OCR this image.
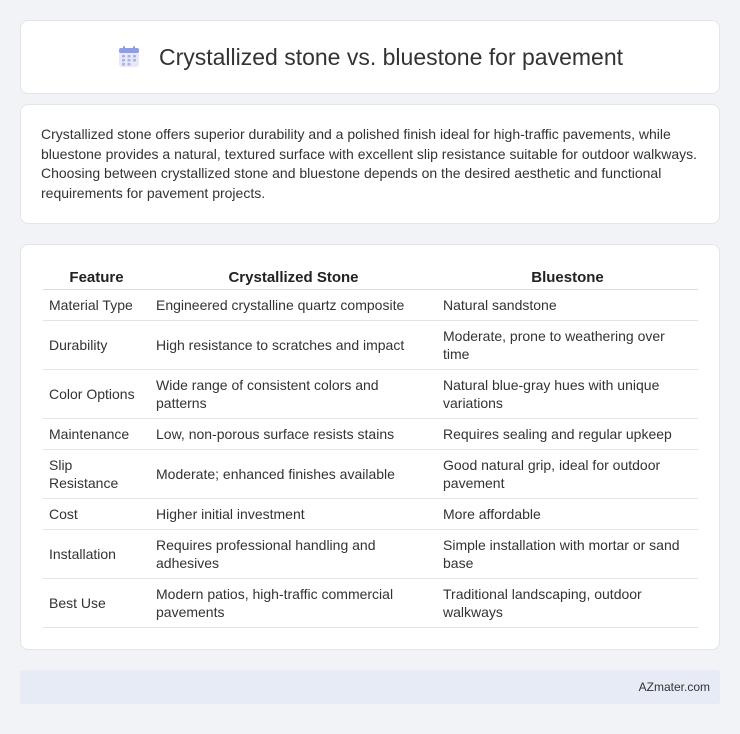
Crystallized stone vs. bluestone for pavement

Crystallized stone offers superior durability and a polished finish ideal for high-traffic pavements, while bluestone provides a natural, textured surface with excellent slip resistance suitable for outdoor walkways. Choosing between crystallized stone and bluestone depends on the desired aesthetic and functional requirements for pavement projects.

Feature	Crystallized Stone	Bluestone
Material Type	Engineered crystalline quartz composite	Natural sandstone
Durability	High resistance to scratches and impact	Moderate, prone to weathering over time
Color Options	Wide range of consistent colors and patterns	Natural blue-gray hues with unique variations
Maintenance	Low, non-porous surface resists stains	Requires sealing and regular upkeep
Slip Resistance	Moderate; enhanced finishes available	Good natural grip, ideal for outdoor pavement
Cost	Higher initial investment	More affordable
Installation	Requires professional handling and adhesives	Simple installation with mortar or sand base
Best Use	Modern patios, high-traffic commercial pavements	Traditional landscaping, outdoor walkways
AZmater.com
